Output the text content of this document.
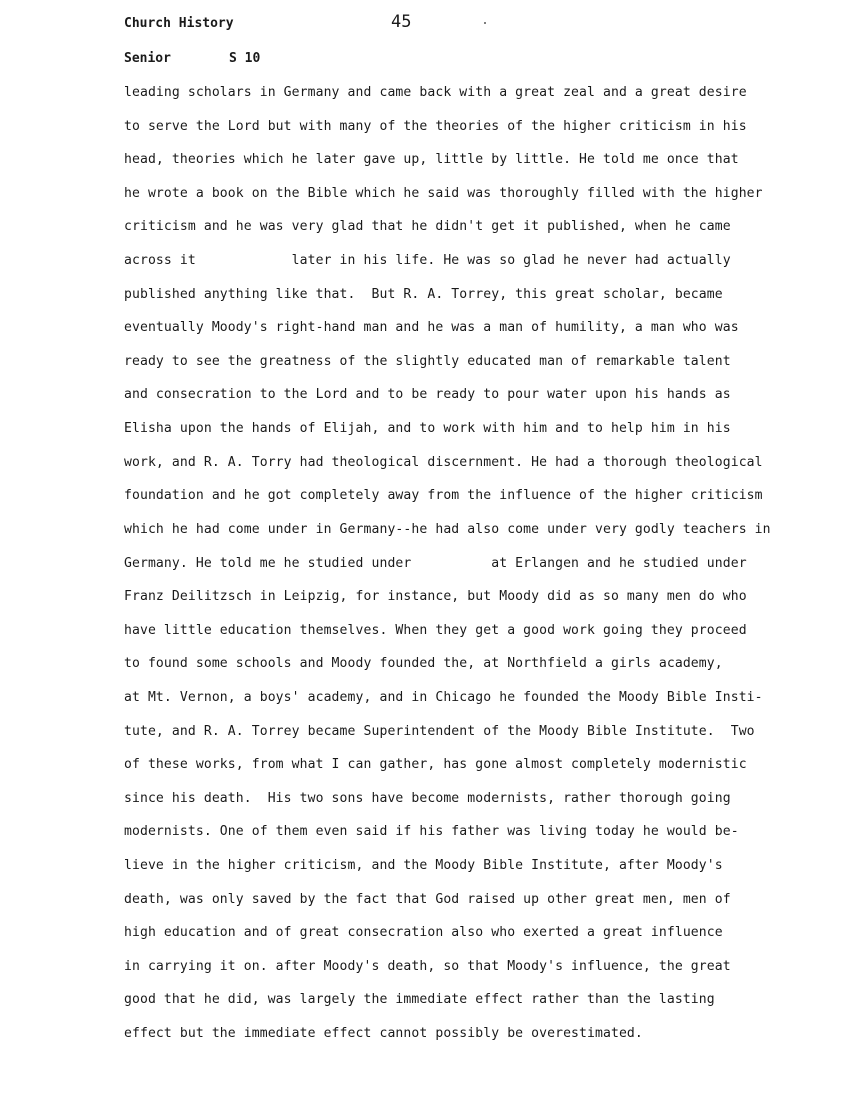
Church History	45
Senior	S 10
leading scholars in Germany and came back with a great zeal and a great desire
to serve the Lord but with many of the theories of the higher criticism in his
head, theories which he later gave up, little by little. He told me once that
he wrote a book on the Bible which he said was thoroughly filled with the higher
criticism and he was very glad that he didn't get it published, when he came
across it            later in his life. He was so glad he never had actually
published anything like that.  But R. A. Torrey, this great scholar, became
eventually Moody's right-hand man and he was a man of humility, a man who was
ready to see the greatness of the slightly educated man of remarkable talent
and consecration to the Lord and to be ready to pour water upon his hands as
Elisha upon the hands of Elijah, and to work with him and to help him in his
work, and R. A. Torry had theological discernment. He had a thorough theological
foundation and he got completely away from the influence of the higher criticism
which he had come under in Germany--he had also come under very godly teachers in
Germany. He told me he studied under          at Erlangen and he studied under
Franz Deilitzsch in Leipzig, for instance, but Moody did as so many men do who
have little education themselves. When they get a good work going they proceed
to found some schools and Moody founded the, at Northfield a girls academy,
at Mt. Vernon, a boys' academy, and in Chicago he founded the Moody Bible Insti-
tute, and R. A. Torrey became Superintendent of the Moody Bible Institute.  Two
of these works, from what I can gather, has gone almost completely modernistic
since his death.  His two sons have become modernists, rather thorough going
modernists. One of them even said if his father was living today he would be-
lieve in the higher criticism, and the Moody Bible Institute, after Moody's
death, was only saved by the fact that God raised up other great men, men of
high education and of great consecration also who exerted a great influence
in carrying it on. after Moody's death, so that Moody's influence, the great
good that he did, was largely the immediate effect rather than the lasting
effect but the immediate effect cannot possibly be overestimated.
